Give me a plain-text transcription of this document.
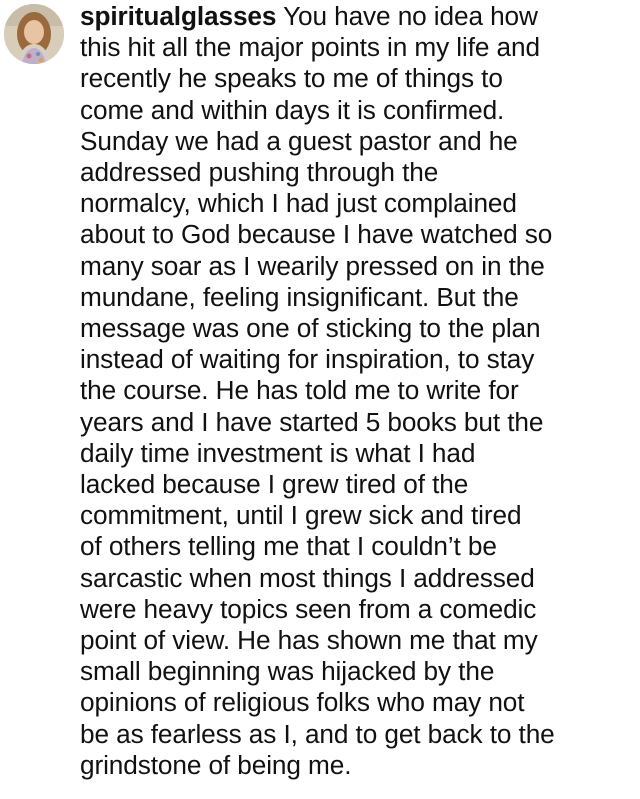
spiritualglasses You have no idea how
this hit all the major points in my life and
recently he speaks to me of things to
come and within days it is confirmed.
Sunday we had a guest pastor and he
addressed pushing through the
normalcy, which I had just complained
about to God because I have watched so
many soar as I wearily pressed on in the
mundane, feeling insignificant. But the
message was one of sticking to the plan
instead of waiting for inspiration, to stay
the course. He has told me to write for
years and I have started 5 books but the
daily time investment is what I had
lacked because I grew tired of the
commitment, until I grew sick and tired
of others telling me that I couldn’t be
sarcastic when most things I addressed
were heavy topics seen from a comedic
point of view. He has shown me that my
small beginning was hijacked by the
opinions of religious folks who may not
be as fearless as I, and to get back to the
grindstone of being me.
